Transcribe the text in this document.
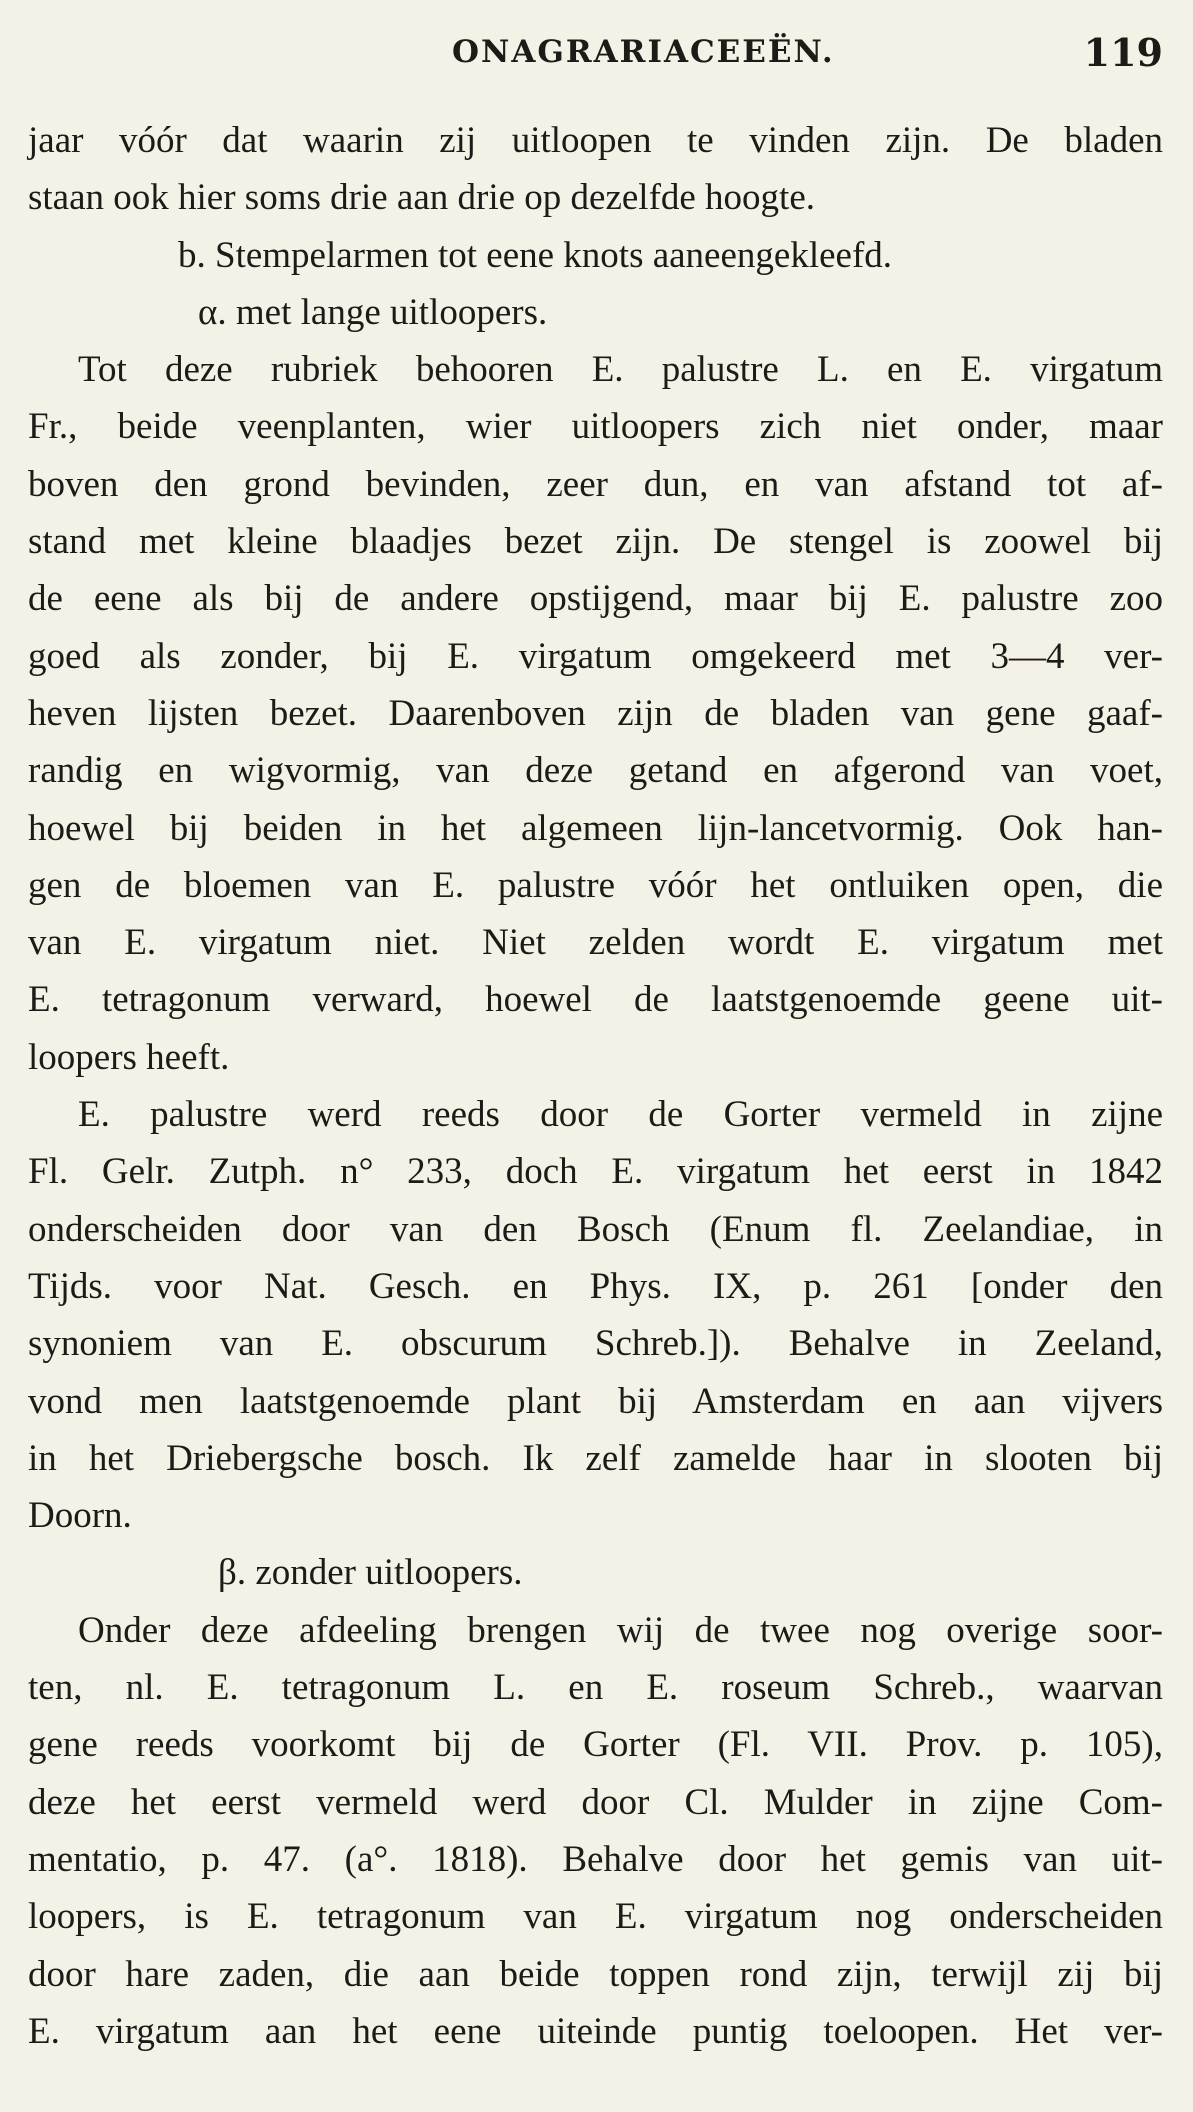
ONAGRARIACEEËN.	119
jaar vóór dat waarin zij uitloopen te vinden zijn. De bladen
staan ook hier soms drie aan drie op dezelfde hoogte.
b. Stempelarmen tot eene knots aaneengekleefd.
α. met lange uitloopers.
Tot deze rubriek behooren E. palustre L. en E. virgatum
Fr., beide veenplanten, wier uitloopers zich niet onder, maar
boven den grond bevinden, zeer dun, en van afstand tot af-
stand met kleine blaadjes bezet zijn. De stengel is zoowel bij
de eene als bij de andere opstijgend, maar bij E. palustre zoo
goed als zonder, bij E. virgatum omgekeerd met 3—4 ver-
heven lijsten bezet. Daarenboven zijn de bladen van gene gaaf-
randig en wigvormig, van deze getand en afgerond van voet,
hoewel bij beiden in het algemeen lijn-lancetvormig. Ook han-
gen de bloemen van E. palustre vóór het ontluiken open, die
van E. virgatum niet. Niet zelden wordt E. virgatum met
E. tetragonum verward, hoewel de laatstgenoemde geene uit-
loopers heeft.
E. palustre werd reeds door de Gorter vermeld in zijne
Fl. Gelr. Zutph. n° 233, doch E. virgatum het eerst in 1842
onderscheiden door van den Bosch (Enum fl. Zeelandiae, in
Tijds. voor Nat. Gesch. en Phys. IX, p. 261 [onder den
synoniem van E. obscurum Schreb.]). Behalve in Zeeland,
vond men laatstgenoemde plant bij Amsterdam en aan vijvers
in het Driebergsche bosch. Ik zelf zamelde haar in slooten bij
Doorn.
β. zonder uitloopers.
Onder deze afdeeling brengen wij de twee nog overige soor-
ten, nl. E. tetragonum L. en E. roseum Schreb., waarvan
gene reeds voorkomt bij de Gorter (Fl. VII. Prov. p. 105),
deze het eerst vermeld werd door Cl. Mulder in zijne Com-
mentatio, p. 47. (a°. 1818). Behalve door het gemis van uit-
loopers, is E. tetragonum van E. virgatum nog onderscheiden
door hare zaden, die aan beide toppen rond zijn, terwijl zij bij
E. virgatum aan het eene uiteinde puntig toeloopen. Het ver-
